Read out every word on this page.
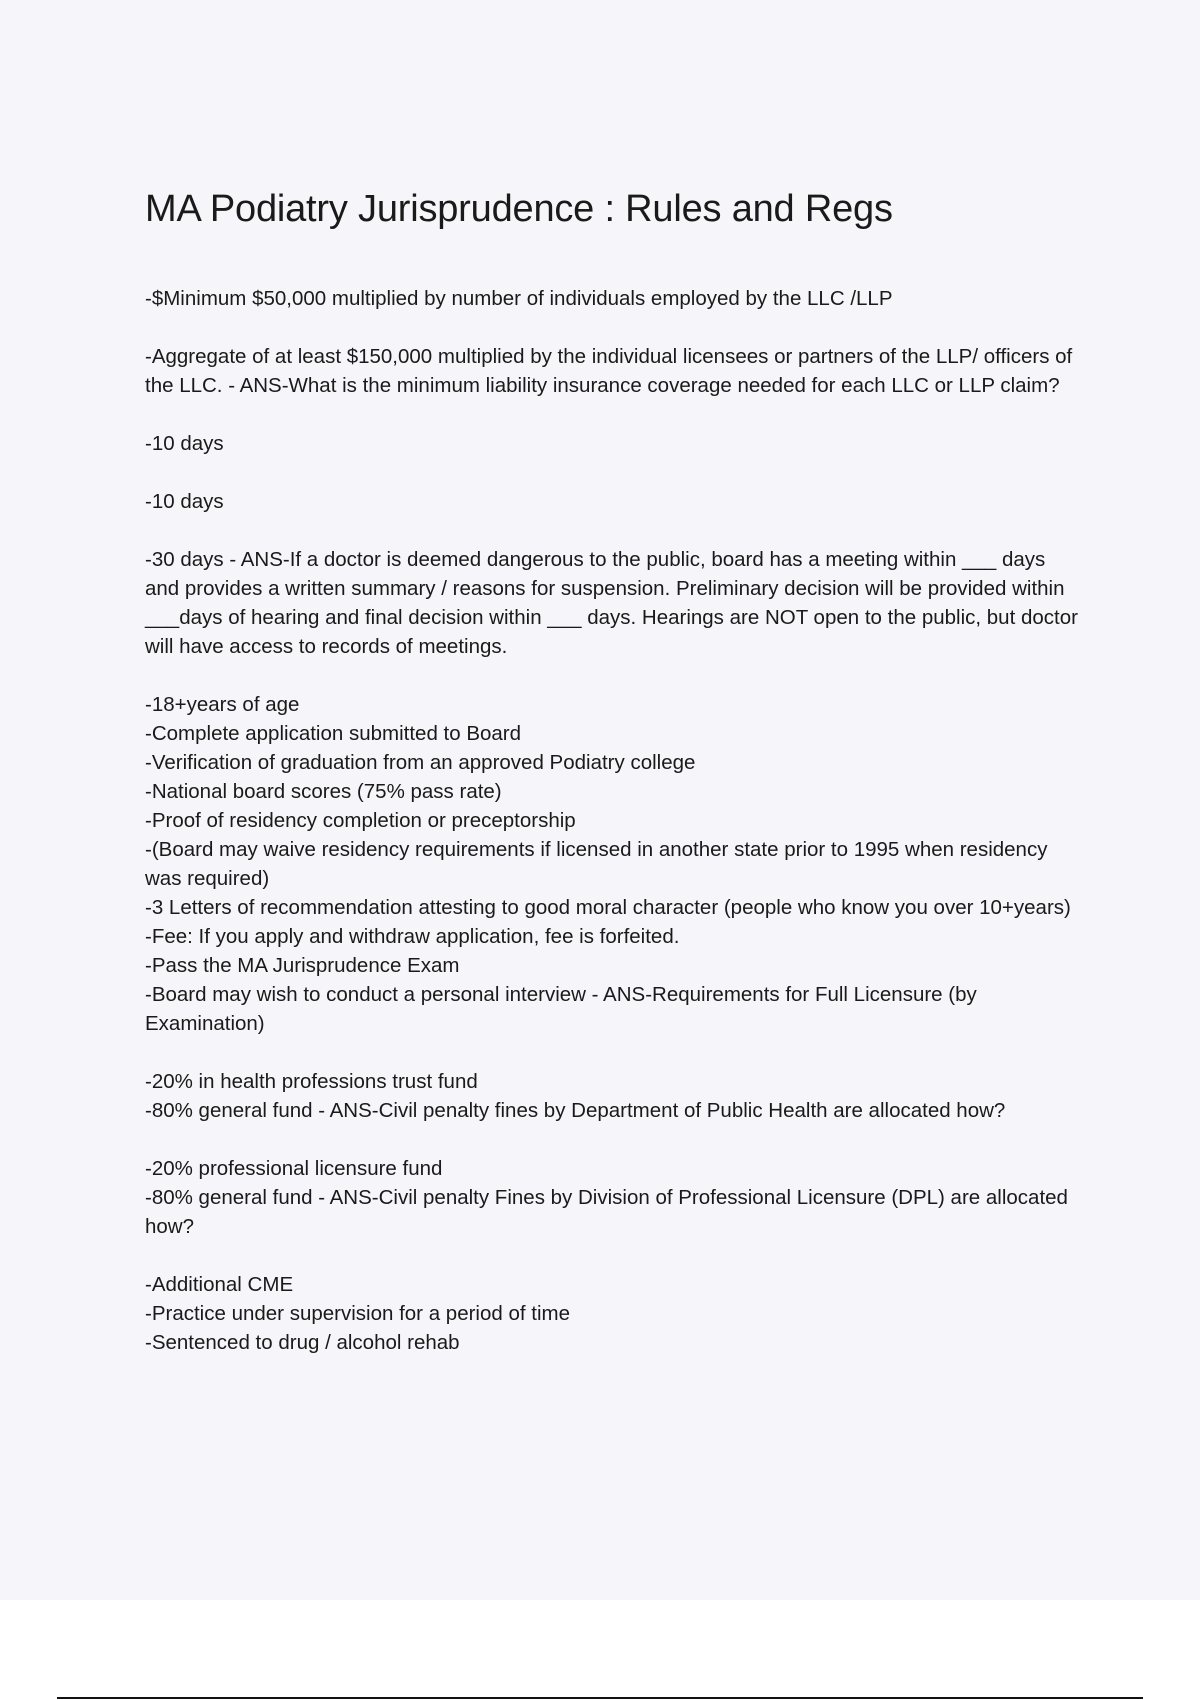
MA Podiatry Jurisprudence : Rules and Regs
-$Minimum $50,000 multiplied by number of individuals employed by the LLC /LLP
-Aggregate of at least $150,000 multiplied by the individual licensees or partners of the LLP/ officers of the LLC. - ANS-What is the minimum liability insurance coverage needed for each LLC or LLP claim?
-10 days
-10 days
-30 days - ANS-If a doctor is deemed dangerous to the public, board has a meeting within ___ days and provides a written summary / reasons for suspension. Preliminary decision will be provided within ___days of hearing and final decision within ___ days. Hearings are NOT open to the public, but doctor will have access to records of meetings.
-18+years of age
-Complete application submitted to Board
-Verification of graduation from an approved Podiatry college
-National board scores (75% pass rate)
-Proof of residency completion or preceptorship
-(Board may waive residency requirements if licensed in another state prior to 1995 when residency was required)
-3 Letters of recommendation attesting to good moral character (people who know you over 10+years)
-Fee: If you apply and withdraw application, fee is forfeited.
-Pass the MA Jurisprudence Exam
-Board may wish to conduct a personal interview - ANS-Requirements for Full Licensure (by Examination)
-20% in health professions trust fund
-80% general fund - ANS-Civil penalty fines by Department of Public Health are allocated how?
-20% professional licensure fund
-80% general fund - ANS-Civil penalty Fines by Division of Professional Licensure (DPL) are allocated how?
-Additional CME
-Practice under supervision for a period of time
-Sentenced to drug / alcohol rehab
